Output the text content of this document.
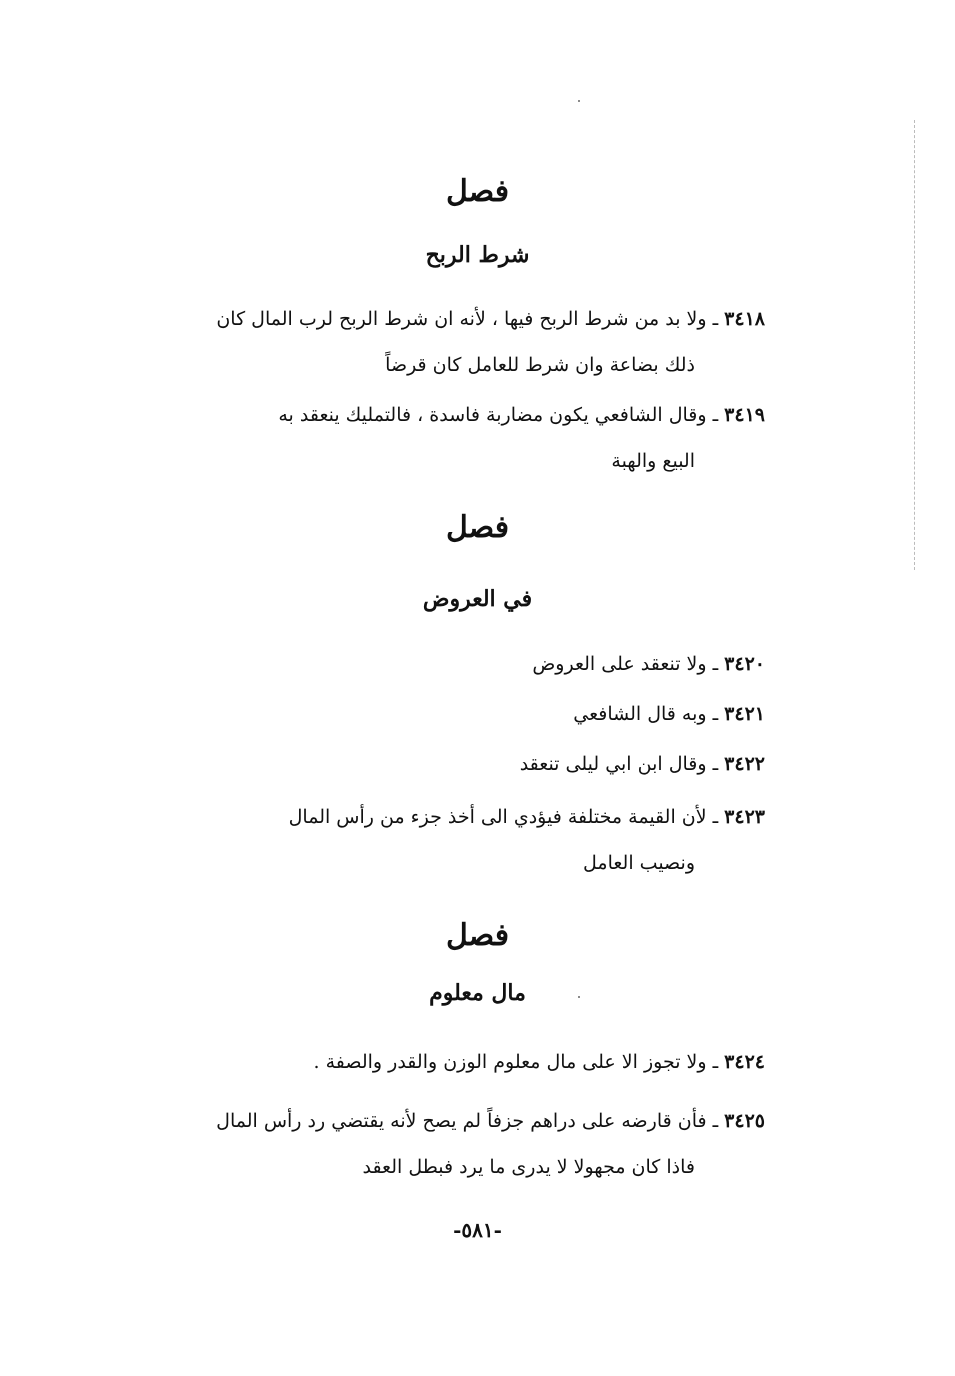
فصل
شرط الربح
٣٤١٨ـ ولا بد من شرط الربح فيها ، لأنه ان شرط الربح لرب المال كان
ذلك بضاعة وان شرط للعامل كان قرضاً
٣٤١٩ـ وقال الشافعي يكون مضاربة فاسدة ، فالتمليك ينعقد به
البيع والهبة
فصل
في العروض
٣٤٢٠ـ ولا تنعقد على العروض
٣٤٢١ـ وبه قال الشافعي
٣٤٢٢ـ وقال ابن ابي ليلى تنعقد
٣٤٢٣ـ لأن القيمة مختلفة فيؤدي الى أخذ جزء من رأس المال
ونصيب العامل
فصل
مال معلوم
٣٤٢٤ـ ولا تجوز الا على مال معلوم الوزن والقدر والصفة .
٣٤٢٥ـ فأن قارضه على دراهم جزفاً لم يصح لأنه يقتضي رد رأس المال
فاذا كان مجهولا لا يدرى ما يرد فبطل العقد
-٥٨١-
